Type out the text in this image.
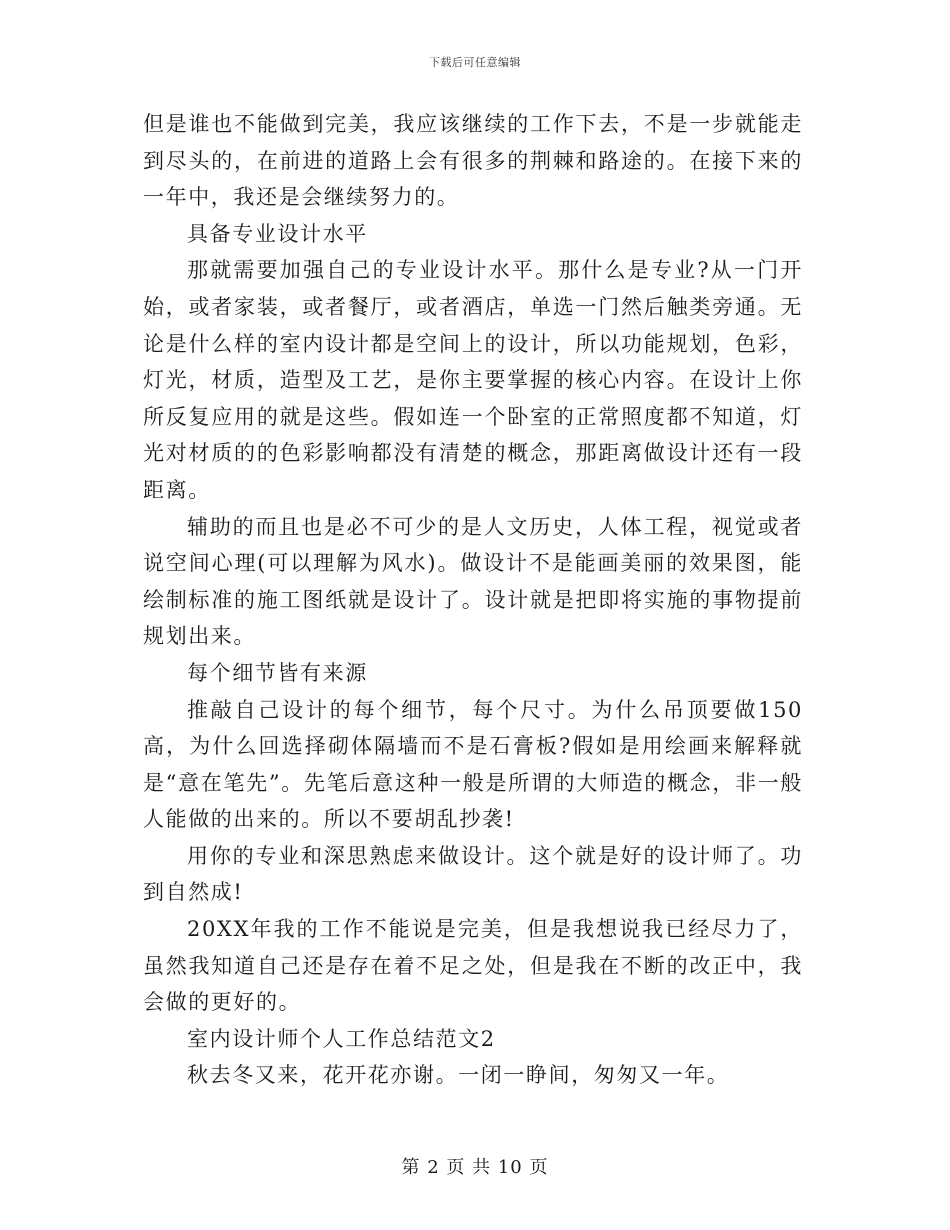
下载后可任意编辑

但是谁也不能做到完美，我应该继续的工作下去，不是一步就能走到尽头的，在前进的道路上会有很多的荆棘和路途的。在接下来的一年中，我还是会继续努力的。

具备专业设计水平

那就需要加强自己的专业设计水平。那什么是专业?从一门开始，或者家装，或者餐厅，或者酒店，单选一门然后触类旁通。无论是什么样的室内设计都是空间上的设计，所以功能规划，色彩，灯光，材质，造型及工艺，是你主要掌握的核心内容。在设计上你所反复应用的就是这些。假如连一个卧室的正常照度都不知道，灯光对材质的的色彩影响都没有清楚的概念，那距离做设计还有一段距离。

辅助的而且也是必不可少的是人文历史，人体工程，视觉或者说空间心理(可以理解为风水)。做设计不是能画美丽的效果图，能绘制标准的施工图纸就是设计了。设计就是把即将实施的事物提前规划出来。

每个细节皆有来源

推敲自己设计的每个细节，每个尺寸。为什么吊顶要做150高，为什么回选择砌体隔墙而不是石膏板?假如是用绘画来解释就是“意在笔先”。先笔后意这种一般是所谓的大师造的概念，非一般人能做的出来的。所以不要胡乱抄袭!

用你的专业和深思熟虑来做设计。这个就是好的设计师了。功到自然成!

20XX年我的工作不能说是完美，但是我想说我已经尽力了，虽然我知道自己还是存在着不足之处，但是我在不断的改正中，我会做的更好的。

室内设计师个人工作总结范文2

秋去冬又来，花开花亦谢。一闭一睁间，匆匆又一年。

第 2 页 共 10 页
